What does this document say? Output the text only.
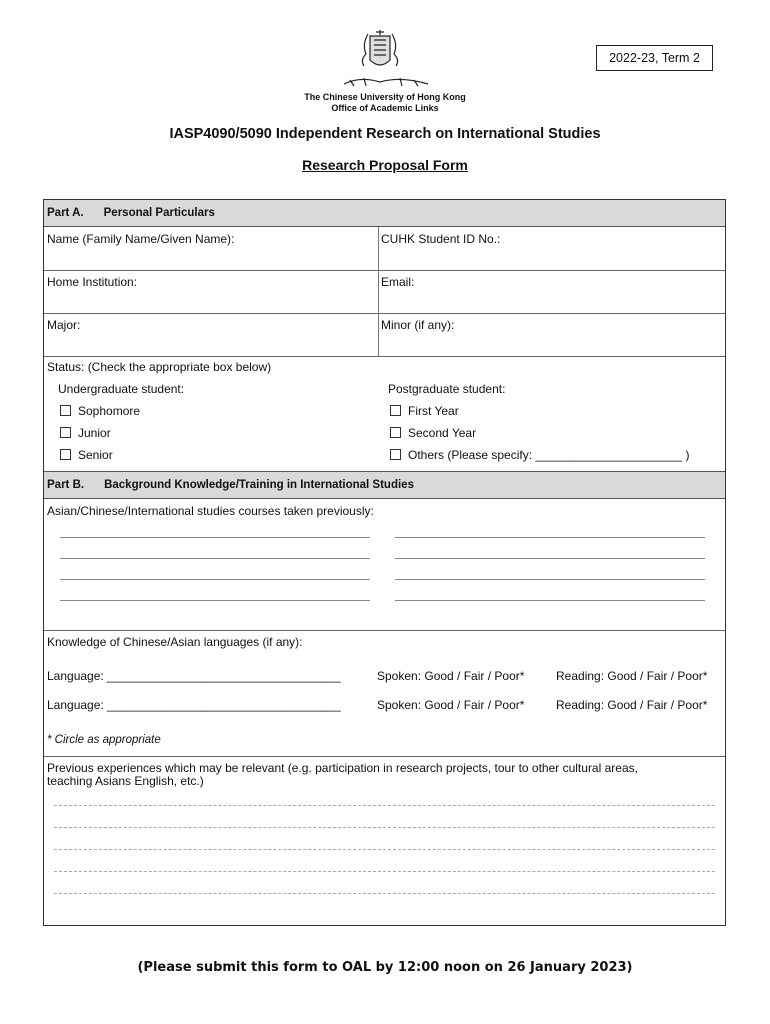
2022-23, Term 2
The Chinese University of Hong Kong
Office of Academic Links
IASP4090/5090 Independent Research on International Studies
Research Proposal Form
Part A. Personal Particulars
Name (Family Name/Given Name):	CUHK Student ID No.:
Home Institution:	Email:
Major:	Minor (if any):
Status: (Check the appropriate box below)
Undergraduate student:	Postgraduate student:
Sophomore
Junior
Senior
First Year
Second Year
Others (Please specify: ______________________ )
Part B. Background Knowledge/Training in International Studies
Asian/Chinese/International studies courses taken previously:
Knowledge of Chinese/Asian languages (if any):
Language: ___________________________________	Spoken: Good / Fair / Poor*	Reading: Good / Fair / Poor*
Language: ___________________________________	Spoken: Good / Fair / Poor*	Reading: Good / Fair / Poor*
* Circle as appropriate
Previous experiences which may be relevant (e.g. participation in research projects, tour to other cultural areas,
teaching Asians English, etc.)
(Please submit this form to OAL by 12:00 noon on 26 January 2023)
